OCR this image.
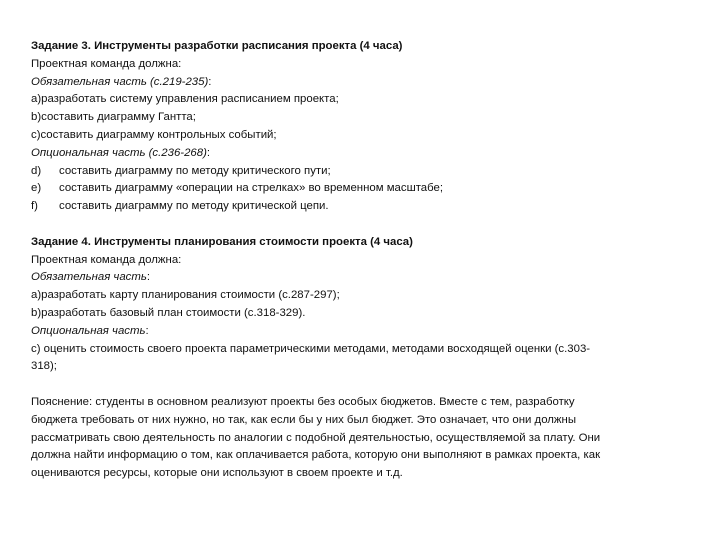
Задание 3. Инструменты разработки расписания проекта (4 часа)
Проектная команда должна:
Обязательная часть (с.219-235):
a)разработать систему управления расписанием проекта;
b)составить диаграмму Гантта;
c)составить диаграмму контрольных событий;
Опциональная часть (с.236-268):
d)	составить диаграмму по методу критического пути;
e)	составить диаграмму «операции на стрелках» во временном масштабе;
f)	составить диаграмму по методу критической цепи.
Задание 4. Инструменты планирования стоимости проекта (4 часа)
Проектная команда должна:
Обязательная часть:
a)разработать карту планирования стоимости (с.287-297);
b)разработать базовый план стоимости (с.318-329).
Опциональная часть:
c) оценить стоимость своего проекта параметрическими методами, методами восходящей оценки (с.303-
318);
Пояснение: студенты в основном реализуют проекты без особых бюджетов. Вместе с тем, разработку
бюджета требовать от них нужно, но так, как если бы у них был бюджет. Это означает, что они должны
рассматривать свою деятельность по аналогии с подобной деятельностью, осуществляемой за плату. Они
должна найти информацию о том, как оплачивается работа, которую они выполняют в рамках проекта, как
оцениваются ресурсы, которые они используют в своем проекте и т.д.
